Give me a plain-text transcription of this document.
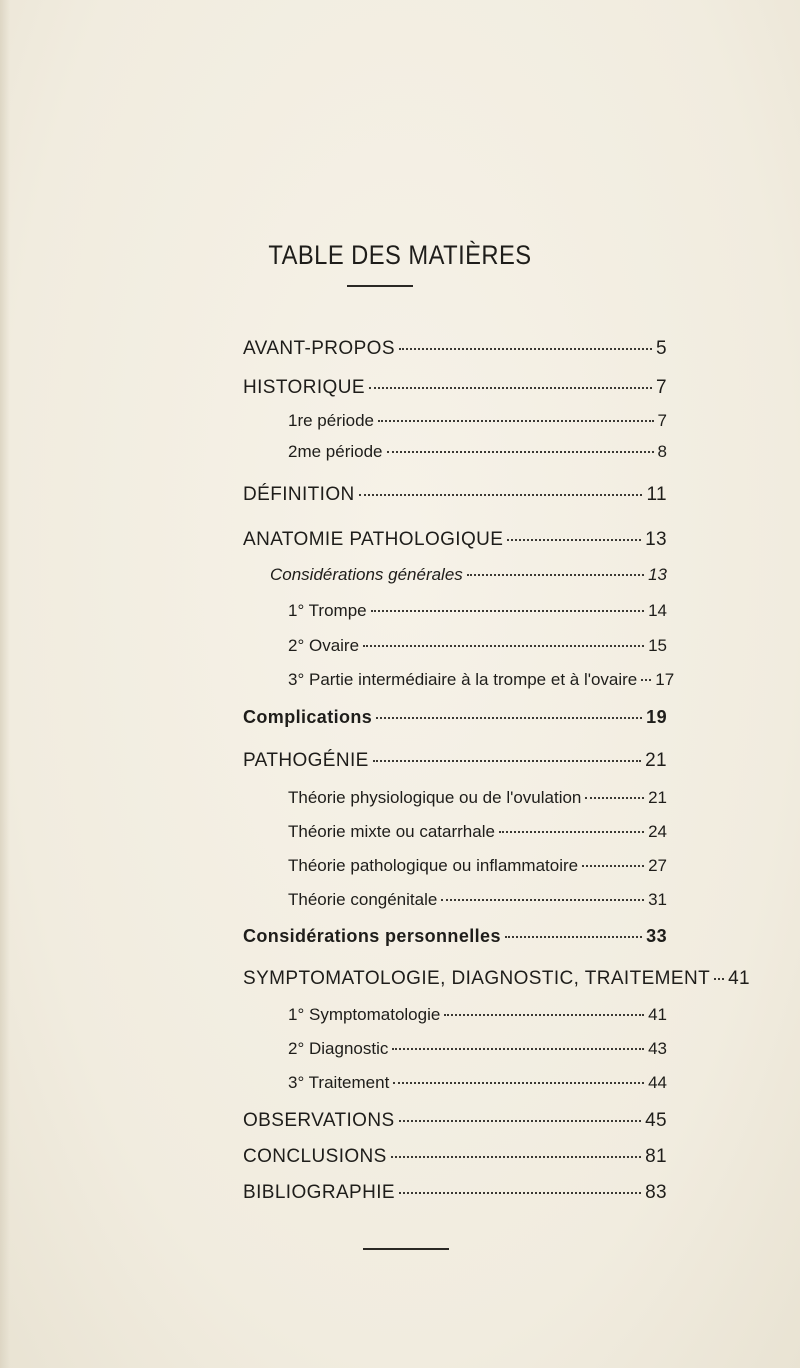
TABLE DES MATIÈRES
AVANT-PROPOS	5
HISTORIQUE	7
1re période	7
2me période	8
DÉFINITION	11
ANATOMIE PATHOLOGIQUE	13
Considérations générales	13
1° Trompe	14
2° Ovaire	15
3° Partie intermédiaire à la trompe et à l'ovaire 17
Complications	19
PATHOGÉNIE	21
Théorie physiologique ou de l'ovulation	21
Théorie mixte ou catarrhale	24
Théorie pathologique ou inflammatoire	27
Théorie congénitale	31
Considérations personnelles	33
SYMPTOMATOLOGIE, DIAGNOSTIC, TRAITEMENT 41
1° Symptomatologie	41
2° Diagnostic	43
3° Traitement	44
OBSERVATIONS	45
CONCLUSIONS	81
BIBLIOGRAPHIE	83
